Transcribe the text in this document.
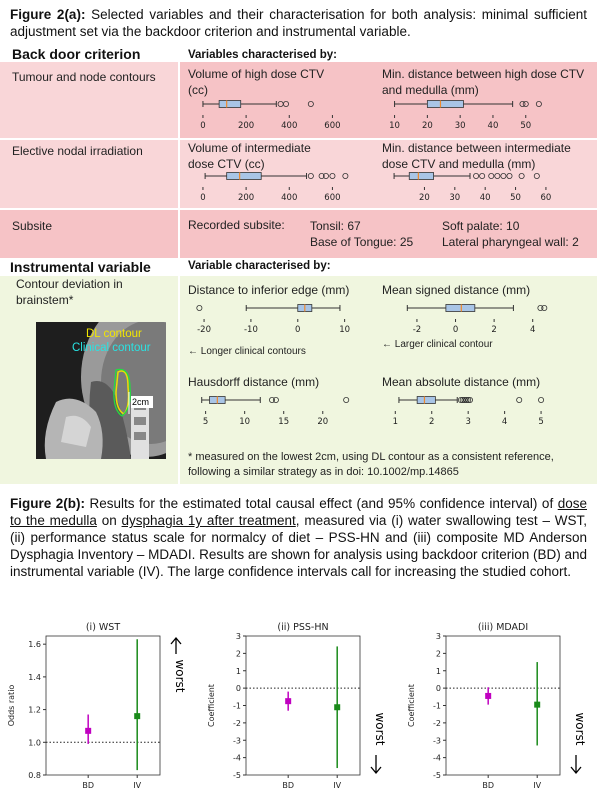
Figure 2(a): Selected variables and their characterisation for both analysis: minimal sufficient adjustment set via the backdoor criterion and instrumental variable.
Back door criterion	Variables characterised by:
Tumour and node contours	Volume of high dose CTV (cc)
Min. distance between high dose CTV and medulla (mm)
0	200	400	600	10	20	30	40	50
Elective nodal irradiation	Volume of intermediate dose CTV (cc)
Min. distance between intermediate dose CTV and medulla (mm)
0	200	400	600	20 30 40 50 60
Subsite	Recorded subsite: Tonsil: 67	Soft palate: 10
Base of Tongue: 25 Lateral pharyngeal wall: 2
Instrumental variable	Variable characterised by:
Contour deviation in brainstem*
DL contour
Clinical contour
2cm
Distance to inferior edge (mm)	Mean signed distance (mm)
Hausdorff distance (mm)	Mean absolute distance (mm)
-20	-10	0	10	-2	0	2	4
5	10	15	20	1	2	3	4	5
← Longer clinical contours
← Larger clinical contour
* measured on the lowest 2cm, using DL contour as a consistent reference, following a similar strategy as in doi: 10.1002/mp.14865
Figure 2(b): Results for the estimated total causal effect (and 95% confidence interval) of dose to the medulla on dysphagia 1y after treatment, measured via (i) water swallowing test – WST, (ii) performance status scale for normalcy of diet – PSS-HN and (iii) composite MD Anderson Dysphagia Inventory – MDADI. Results are shown for analysis using backdoor criterion (BD) and instrumental variable (IV). The large confidence intervals call for increasing the studied cohort.
(i) WST
0.8
1.0
1.2
1.4
1.6
Odds ratio
BD	IV
worst
(ii) PSS-HN
-5
-4
-3
-2
-1
0
1
2
3
Coefficient
BD	IV
worst
(iii) MDADI
-5
-4
-3
-2
-1
0
1
2
3
Coefficient
BD	IV
worst
